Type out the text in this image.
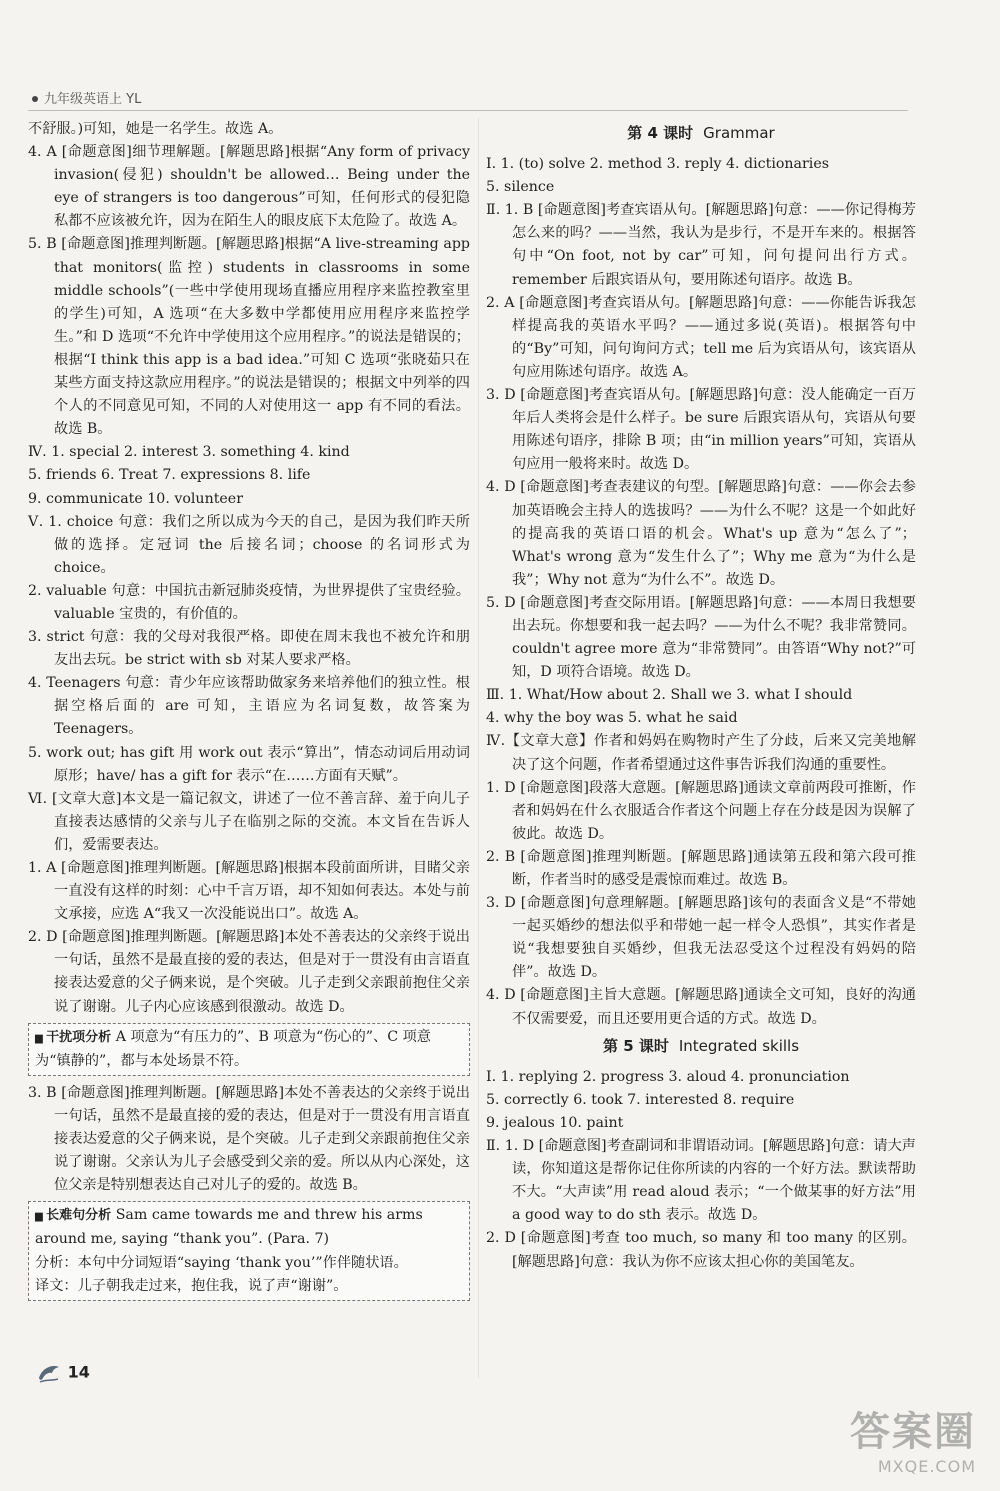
九年级英语上 YL

不舒服。)可知，她是一名学生。故选 A。

4. A [命题意图]细节理解题。[解题思路]根据“Any form of privacy invasion(侵犯) shouldn't be allowed… Being under the eye of strangers is too dangerous”可知，任何形式的侵犯隐私都不应该被允许，因为在陌生人的眼皮底下太危险了。故选 A。

5. B [命题意图]推理判断题。[解题思路]根据“A live-streaming app that monitors(监控) students in classrooms in some middle schools”(一些中学使用现场直播应用程序来监控教室里的学生)可知，A 选项“在大多数中学都使用应用程序来监控学生。”和 D 选项“不允许中学使用这个应用程序。”的说法是错误的；根据“I think this app is a bad idea.”可知 C 选项“张晓茹只在某些方面支持这款应用程序。”的说法是错误的；根据文中列举的四个人的不同意见可知，不同的人对使用这一 app 有不同的看法。故选 B。

Ⅳ. 1. special 2. interest 3. something 4. kind

5. friends 6. Treat 7. expressions 8. life

9. communicate 10. volunteer

Ⅴ. 1. choice 句意：我们之所以成为今天的自己，是因为我们昨天所做的选择。定冠词 the 后接名词；choose 的名词形式为 choice。

2. valuable 句意：中国抗击新冠肺炎疫情，为世界提供了宝贵经验。valuable 宝贵的，有价值的。

3. strict 句意：我的父母对我很严格。即使在周末我也不被允许和朋友出去玩。be strict with sb 对某人要求严格。

4. Teenagers 句意：青少年应该帮助做家务来培养他们的独立性。根据空格后面的 are 可知，主语应为名词复数，故答案为 Teenagers。

5. work out; has gift 用 work out 表示“算出”，情态动词后用动词原形；have/ has a gift for 表示“在……方面有天赋”。

Ⅵ. [文章大意]本文是一篇记叙文，讲述了一位不善言辞、羞于向儿子直接表达感情的父亲与儿子在临别之际的交流。本文旨在告诉人们，爱需要表达。

1. A [命题意图]推理判断题。[解题思路]根据本段前面所讲，目睹父亲一直没有这样的时刻：心中千言万语，却不知如何表达。本处与前文承接，应选 A“我又一次没能说出口”。故选 A。

2. D [命题意图]推理判断题。[解题思路]本处不善表达的父亲终于说出一句话，虽然不是最直接的爱的表达，但是对于一贯没有由言语直接表达爱意的父子俩来说，是个突破。儿子走到父亲跟前抱住父亲说了谢谢。儿子内心应该感到很激动。故选 D。

▆ 干扰项分析 A 项意为“有压力的”、B 项意为“伤心的”、C 项意为“镇静的”，都与本处场景不符。

3. B [命题意图]推理判断题。[解题思路]本处不善表达的父亲终于说出一句话，虽然不是最直接的爱的表达，但是对于一贯没有用言语直接表达爱意的父子俩来说，是个突破。儿子走到父亲跟前抱住父亲说了谢谢。父亲认为儿子会感受到父亲的爱。所以从内心深处，这位父亲是特别想表达自己对儿子的爱的。故选 B。

▆ 长难句分析 Sam came towards me and threw his arms around me, saying “thank you”. (Para. 7)
分析：本句中分词短语“saying ‘thank you’”作伴随状语。
译文：儿子朝我走过来，抱住我，说了声“谢谢”。
第 4 课时 Grammar

Ⅰ. 1. (to) solve 2. method 3. reply 4. dictionaries

5. silence

Ⅱ. 1. B [命题意图]考查宾语从句。[解题思路]句意：——你记得梅芳怎么来的吗？——当然，我认为是步行，不是开车来的。根据答句中“On foot, not by car”可知，问句提问出行方式。remember 后跟宾语从句，要用陈述句语序。故选 B。

2. A [命题意图]考查宾语从句。[解题思路]句意：——你能告诉我怎样提高我的英语水平吗？——通过多说(英语)。根据答句中的“By”可知，问句询问方式；tell me 后为宾语从句，该宾语从句应用陈述句语序。故选 A。

3. D [命题意图]考查宾语从句。[解题思路]句意：没人能确定一百万年后人类将会是什么样子。be sure 后跟宾语从句，宾语从句要用陈述句语序，排除 B 项；由“in million years”可知，宾语从句应用一般将来时。故选 D。

4. D [命题意图]考查表建议的句型。[解题思路]句意：——你会去参加英语晚会主持人的选拔吗？——为什么不呢？这是一个如此好的提高我的英语口语的机会。What's up 意为“怎么了”；What's wrong 意为“发生什么了”；Why me 意为“为什么是我”；Why not 意为“为什么不”。故选 D。

5. D [命题意图]考查交际用语。[解题思路]句意：——本周日我想要出去玩。你想要和我一起去吗？——为什么不呢？我非常赞同。couldn't agree more 意为“非常赞同”。由答语“Why not?”可知，D 项符合语境。故选 D。

Ⅲ. 1. What/How about 2. Shall we 3. what I should

4. why the boy was 5. what he said

Ⅳ.【文章大意】作者和妈妈在购物时产生了分歧，后来又完美地解决了这个问题，作者希望通过这件事告诉我们沟通的重要性。

1. D [命题意图]段落大意题。[解题思路]通读文章前两段可推断，作者和妈妈在什么衣服适合作者这个问题上存在分歧是因为误解了彼此。故选 D。

2. B [命题意图]推理判断题。[解题思路]通读第五段和第六段可推断，作者当时的感受是震惊而难过。故选 B。

3. D [命题意图]句意理解题。[解题思路]该句的表面含义是“不带她一起买婚纱的想法似乎和带她一起一样令人恐惧”，其实作者是说“我想要独自买婚纱，但我无法忍受这个过程没有妈妈的陪伴”。故选 D。

4. D [命题意图]主旨大意题。[解题思路]通读全文可知，良好的沟通不仅需要爱，而且还要用更合适的方式。故选 D。

第 5 课时 Integrated skills

Ⅰ. 1. replying 2. progress 3. aloud 4. pronunciation

5. correctly 6. took 7. interested 8. require

9. jealous 10. paint

Ⅱ. 1. D [命题意图]考查副词和非谓语动词。[解题思路]句意：请大声读，你知道这是帮你记住你所读的内容的一个好方法。默读帮助不大。“大声读”用 read aloud 表示；“一个做某事的好方法”用 a good way to do sth 表示。故选 D。

2. D [命题意图]考查 too much, so many 和 too many 的区别。[解题思路]句意：我认为你不应该太担心你的美国笔友。

14
答案圈
MXQE.COM
